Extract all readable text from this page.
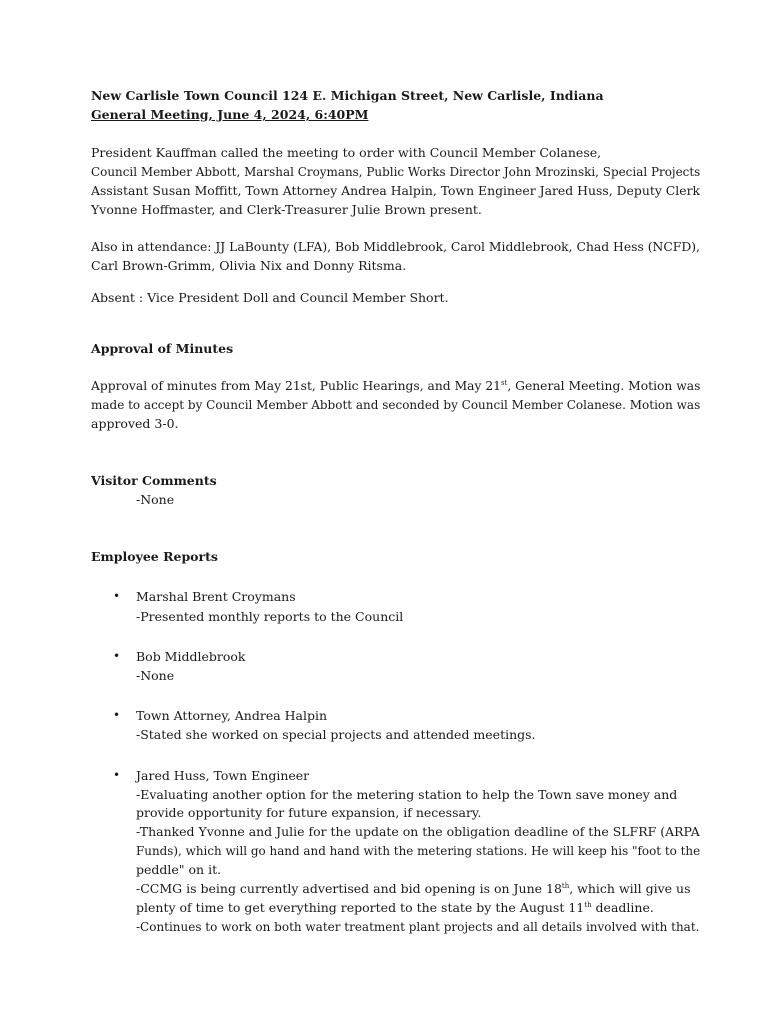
New Carlisle Town Council 124 E. Michigan Street, New Carlisle, Indiana
General Meeting, June 4, 2024, 6:40PM
President Kauffman called the meeting to order with Council Member Colanese,
Council Member Abbott, Marshal Croymans, Public Works Director John Mrozinski, Special Projects
Assistant Susan Moffitt, Town Attorney Andrea Halpin, Town Engineer Jared Huss, Deputy Clerk
Yvonne Hoffmaster, and Clerk-Treasurer Julie Brown present.
Also in attendance: JJ LaBounty (LFA), Bob Middlebrook, Carol Middlebrook, Chad Hess (NCFD),
Carl Brown-Grimm, Olivia Nix and Donny Ritsma.
Absent : Vice President Doll and Council Member Short.
Approval of Minutes
Approval of minutes from May 21st, Public Hearings, and May 21st, General Meeting. Motion was
made to accept by Council Member Abbott and seconded by Council Member Colanese. Motion was
approved 3-0.
Visitor Comments
-None
Employee Reports
• Marshal Brent Croymans
-Presented monthly reports to the Council
• Bob Middlebrook
-None
• Town Attorney, Andrea Halpin
-Stated she worked on special projects and attended meetings.
• Jared Huss, Town Engineer
-Evaluating another option for the metering station to help the Town save money and
provide opportunity for future expansion, if necessary.
-Thanked Yvonne and Julie for the update on the obligation deadline of the SLFRF (ARPA
Funds), which will go hand and hand with the metering stations. He will keep his "foot to the
peddle" on it.
-CCMG is being currently advertised and bid opening is on June 18th, which will give us
plenty of time to get everything reported to the state by the August 11th deadline.
-Continues to work on both water treatment plant projects and all details involved with that.
